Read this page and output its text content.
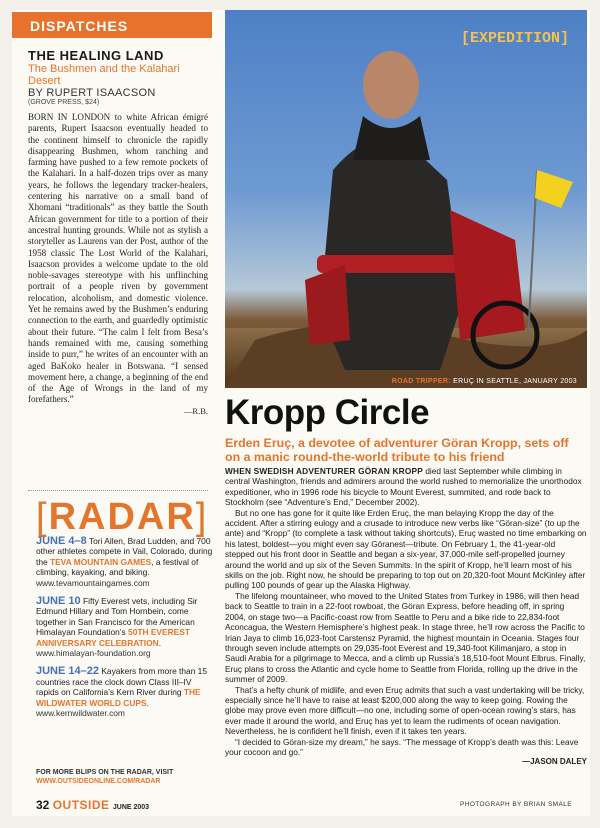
DISPATCHES
THE HEALING LAND
The Bushmen and the Kalahari Desert
BY RUPERT ISAACSON
(GROVE PRESS, $24)

BORN IN LONDON to white African émigré parents, Rupert Isaacson eventually headed to the continent himself to chronicle the rapidly disappearing Bushmen, whom ranching and farming have pushed to a few remote pockets of the Kalahari. In a half-dozen trips over as many years, he follows the legendary tracker-healers, centering his narrative on a small band of Xhomani “traditionals” as they battle the South African government for title to a portion of their ancestral hunting grounds. While not as stylish a storyteller as Laurens van der Post, author of the 1958 classic The Lost World of the Kalahari, Isaacson provides a welcome update to the old noble-savages stereotype with his unflinching portrait of a people riven by government relocation, alcoholism, and domestic violence. Yet he remains awed by the Bushmen’s enduring connection to the earth, and guardedly optimistic about their future. “The calm I felt from Besa’s hands remained with me, causing something inside to purr,” he writes of an encounter with an aged BaKoko healer in Botswana. “I sensed movement here, a change, a beginning of the end of the Age of Wrongs in the land of my forefathers.”

—R.B.
[RADAR]
JUNE 4–8 Tori Allen, Brad Ludden, and 700 other athletes compete in Vail, Colorado, during the TEVA MOUNTAIN GAMES, a festival of climbing, kayaking, and biking. www.tevamountaingames.com
JUNE 10 Fifty Everest vets, including Sir Edmund Hillary and Tom Hornbein, come together in San Francisco for the American Himalayan Foundation’s 50TH EVEREST ANNIVERSARY CELEBRATION. www.himalayan-foundation.org
JUNE 14–22 Kayakers from more than 15 countries race the clock down Class III–IV rapids on California’s Kern River during THE WILDWATER WORLD CUPS. www.kernwildwater.com
FOR MORE BLIPS ON THE RADAR, VISIT WWW.OUTSIDEONLINE.COM/RADAR
32 OUTSIDE JUNE 2003
[EXPEDITION]
ROAD TRIPPER: ERUÇ IN SEATTLE, JANUARY 2003
Kropp Circle
Erden Eruç, a devotee of adventurer Göran Kropp, sets off on a manic round-the-world tribute to his friend

WHEN SWEDISH ADVENTURER GÖRAN KROPP died last September while climbing in central Washington, friends and admirers around the world rushed to memorialize the unorthodox expeditioner, who in 1996 rode his bicycle to Mount Everest, summited, and rode back to Stockholm (see “Adventure’s End,” December 2002).

But no one has gone for it quite like Erden Eruç, the man belaying Kropp the day of the accident. After a stirring eulogy and a crusade to introduce new verbs like “Göran-size” (to up the ante) and “Kropp” (to complete a task without taking shortcuts), Eruç wasted no time embarking on his latest, boldest—you might even say Göranest—tribute. On February 1, the 41-year-old stepped out his front door in Seattle and began a six-year, 37,000-mile self-propelled journey around the world and up six of the Seven Summits. In the spirit of Kropp, he’ll learn most of his skills on the job. Right now, he should be preparing to top out on 20,320-foot Mount McKinley after pulling 100 pounds of gear up the Alaska Highway.

The lifelong mountaineer, who moved to the United States from Turkey in 1986, will then head back to Seattle to train in a 22-foot rowboat, the Göran Express, before heading off, in spring 2004, on stage two—a Pacific-coast row from Seattle to Peru and a bike ride to 22,834-foot Aconcagua, the Western Hemisphere’s highest peak. In stage three, he’ll row across the Pacific to Irian Jaya to climb 16,023-foot Carstensz Pyramid, the highest mountain in Oceania. Stages four through seven include attempts on 29,035-foot Everest and 19,340-foot Kilimanjaro, a stop in Saudi Arabia for a pilgrimage to Mecca, and a climb up Russia’s 18,510-foot Mount Elbrus. Finally, Eruç plans to cross the Atlantic and cycle home to Seattle from Florida, rolling up the drive in the summer of 2009.

That’s a hefty chunk of midlife, and even Eruç admits that such a vast undertaking will be tricky, especially since he’ll have to raise at least $200,000 along the way to keep going. Rowing the globe may prove even more difficult—no one, including some of open-ocean rowing’s stars, has ever made it around the world, and Eruç has yet to learn the rudiments of ocean navigation. Nevertheless, he is confident he’ll finish, even if it takes ten years.

“I decided to Göran-size my dream,” he says. “The message of Kropp’s death was this: Leave your cocoon and go.”

—JASON DALEY
PHOTOGRAPH BY BRIAN SMALE
